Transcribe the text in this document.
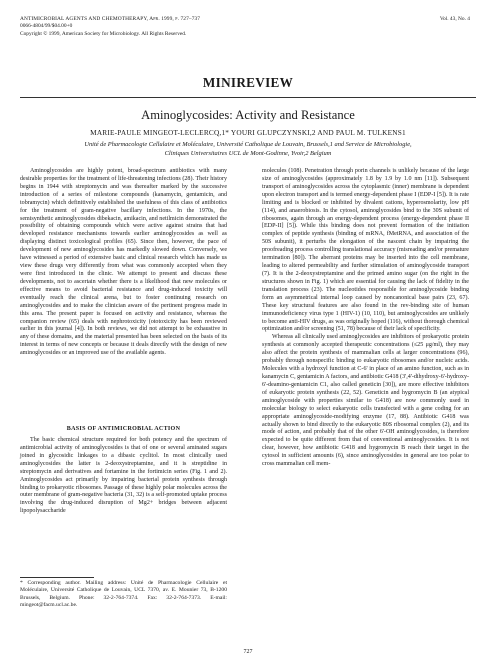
ANTIMICROBIAL AGENTS AND CHEMOTHERAPY, Apr. 1999, p. 727–737
0066-4804/99/$04.00+0
Copyright © 1999, American Society for Microbiology. All Rights Reserved.
Vol. 43, No. 4
MINIREVIEW
Aminoglycosides: Activity and Resistance
MARIE-PAULE MINGEOT-LECLERCQ,1* YOURI GLUPCZYNSKI,2 AND PAUL M. TULKENS1
Unité de Pharmacologie Cellulaire et Moléculaire, Université Catholique de Louvain, Brussels,1 and Service de Microbiologie, Cliniques Universitaires UCL de Mont-Godinne, Yvoir,2 Belgium

Aminoglycosides are highly potent, broad-spectrum antibiotics with many desirable properties for the treatment of life-threatening infections (28). Their history begins in 1944 with streptomycin and was thereafter marked by the successive introduction of a series of milestone compounds (kanamycin, gentamicin, and tobramycin) which definitively established the usefulness of this class of antibiotics for the treatment of gram-negative bacillary infections. In the 1970s, the semisynthetic aminoglycosides dibekacin, amikacin, and netilmicin demonstrated the possibility of obtaining compounds which were active against strains that had developed resistance mechanisms towards earlier aminoglycosides as well as displaying distinct toxicological profiles (65). Since then, however, the pace of development of new aminoglycosides has markedly slowed down. Conversely, we have witnessed a period of extensive basic and clinical research which has made us view these drugs very differently from what was commonly accepted when they were first introduced in the clinic. We attempt to present and discuss these developments, not to ascertain whether there is a likelihood that new molecules or effective means to avoid bacterial resistance and drug-induced toxicity will eventually reach the clinical arena, but to foster continuing research on aminoglycosides and to make the clinician aware of the pertinent progress made in this area. The present paper is focused on activity and resistance, whereas the companion review (65) deals with nephrotoxicity (ototoxicity has been reviewed earlier in this journal [4]). In both reviews, we did not attempt to be exhaustive in any of these domains, and the material presented has been selected on the basis of its interest in terms of new concepts or because it deals directly with the design of new aminoglycosides or an improved use of the available agents.

BASIS OF ANTIMICROBIAL ACTION

The basic chemical structure required for both potency and the spectrum of antimicrobial activity of aminoglycosides is that of one or several aminated sugars joined in glycosidic linkages to a dibasic cyclitol. In most clinically used aminoglycosides the latter is 2-deoxystreptamine, and it is streptidine in streptomycin and derivatives and fortamine in the fortimicin series (Fig. 1 and 2). Aminoglycosides act primarily by impairing bacterial protein synthesis through binding to prokaryotic ribosomes. Passage of these highly polar molecules across the outer membrane of gram-negative bacteria (31, 32) is a self-promoted uptake process involving the drug-induced disruption of Mg2+ bridges between adjacent lipopolysaccharide

* Corresponding author. Mailing address: Unité de Pharmacologie Cellulaire et Moléculaire, Université Catholique de Louvain, UCL 7370, av. E. Mounier 73, B-1200 Brussels, Belgium. Phone: 32-2-764-7374. Fax: 32-2-764-7373. E-mail: mingeot@facm.ucl.ac.be.

molecules (108). Penetration through porin channels is unlikely because of the large size of aminoglycosides (approximately 1.8 by 1.9 by 1.0 nm [11]). Subsequent transport of aminoglycosides across the cytoplasmic (inner) membrane is dependent upon electron transport and is termed energy-dependent phase I (EDP-I [5]). It is rate limiting and is blocked or inhibited by divalent cations, hyperosmolarity, low pH (114), and anaerobiosis. In the cytosol, aminoglycosides bind to the 30S subunit of ribosomes, again through an energy-dependent process (energy-dependent phase II [EDP-II] [5]). While this binding does not prevent formation of the initiation complex of peptide synthesis (binding of mRNA, fMetRNA, and association of the 50S subunit), it perturbs the elongation of the nascent chain by impairing the proofreading process controlling translational accuracy (misreading and/or premature termination [80]). The aberrant proteins may be inserted into the cell membrane, leading to altered permeability and further stimulation of aminoglycoside transport (7). It is the 2-deoxystreptamine and the primed amino sugar (on the right in the structures shown in Fig. 1) which are essential for causing the lack of fidelity in the translation process (23). The nucleotides responsible for aminoglycoside binding form an asymmetrical internal loop caused by noncanonical base pairs (23, 67). These key structural features are also found in the rev-binding site of human immunodeficiency virus type 1 (HIV-1) (10, 110), but aminoglycosides are unlikely to become anti-HIV drugs, as was originally hoped (116), without thorough chemical optimization and/or screening (51, 78) because of their lack of specificity.

Whereas all clinically used aminoglycosides are inhibitors of prokaryotic protein synthesis at commonly accepted therapeutic concentrations (≤25 μg/ml), they may also affect the protein synthesis of mammalian cells at larger concentrations (96), probably through nonspecific binding to eukaryotic ribosomes and/or nucleic acids. Molecules with a hydroxyl function at C-6' in place of an amino function, such as in kanamycin C, gentamicin A factors, and antibiotic G418 (3',4'-dihydroxy-6'-hydroxy-6'-deamino-gentamicin C1, also called geneticin [30]), are more effective inhibitors of eukaryotic protein synthesis (22, 52). Geneticin and hygromycin B (an atypical aminoglycoside with properties similar to G418) are now commonly used in molecular biology to select eukaryotic cells transfected with a gene coding for an appropriate aminoglycoside-modifying enzyme (17, 88). Antibiotic G418 was actually shown to bind directly to the eukaryotic 80S ribosomal complex (2), and its mode of action, and probably that of the other 6'-OH aminoglycosides, is therefore expected to be quite different from that of conventional aminoglycosides. It is not clear, however, how antibiotic G418 and hygromycin B reach their target in the cytosol in sufficient amounts (6), since aminoglycosides in general are too polar to cross mammalian cell mem-

727
